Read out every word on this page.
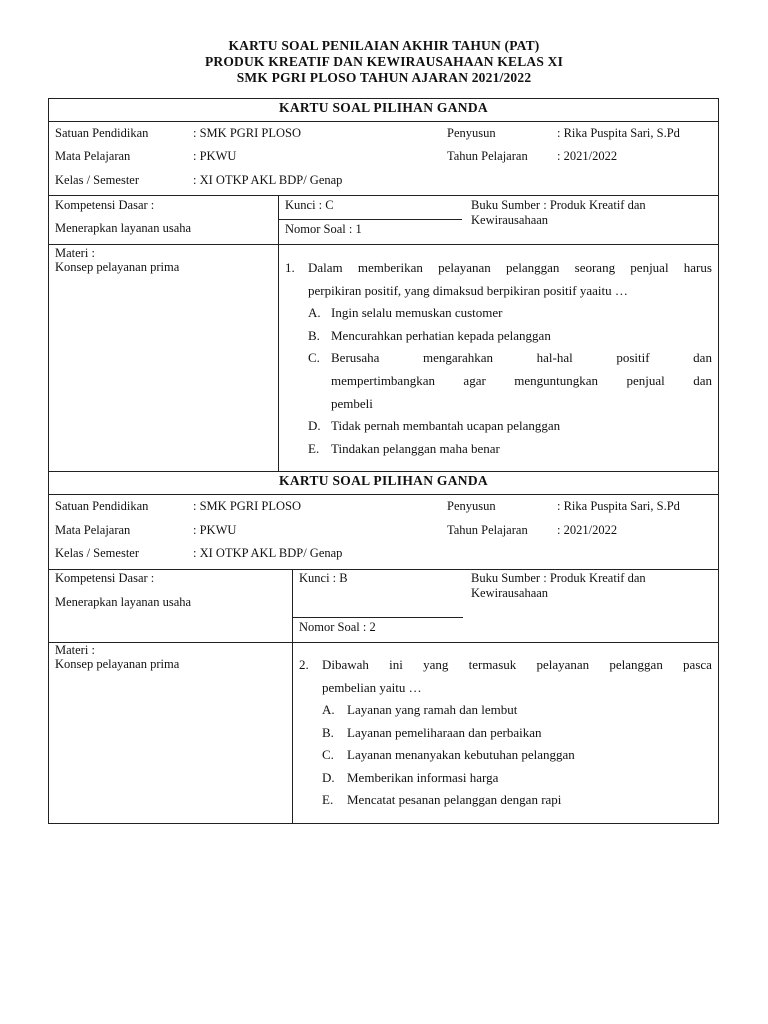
KARTU SOAL PENILAIAN AKHIR TAHUN (PAT)
PRODUK KREATIF DAN KEWIRAUSAHAAN KELAS XI
SMK PGRI PLOSO TAHUN AJARAN 2021/2022
KARTU SOAL PILIHAN GANDA
Satuan Pendidikan	: SMK PGRI PLOSO	Penyusun	: Rika Puspita Sari, S.Pd
Mata Pelajaran	: PKWU	Tahun Pelajaran : 2021/2022
Kelas / Semester	: XI OTKP AKL BDP/ Genap
Kompetensi Dasar :
Menerapkan layanan usaha
Kunci : C	Buku Sumber : Produk Kreatif dan
Kewirausahaan
Nomor Soal : 1
Materi :
Konsep pelayanan prima	1. Dalam memberikan pelayanan pelanggan seorang penjual harus
perpikiran positif, yang dimaksud berpikiran positif yaaitu …
A. Ingin selalu memuskan customer
B. Mencurahkan perhatian kepada pelanggan
C. Berusaha	mengarahkan	hal-hal	positif	dan
mempertimbangkan agar menguntungkan penjual dan
pembeli
D. Tidak pernah membantah ucapan pelanggan
E. Tindakan pelanggan maha benar
KARTU SOAL PILIHAN GANDA
Satuan Pendidikan	: SMK PGRI PLOSO	Penyusun	: Rika Puspita Sari, S.Pd
Mata Pelajaran	: PKWU	Tahun Pelajaran : 2021/2022
Kelas / Semester	: XI OTKP AKL BDP/ Genap
Kompetensi Dasar :
Menerapkan layanan usaha
Kunci : B	Buku Sumber : Produk Kreatif dan
Kewirausahaan
Nomor Soal : 2
Materi :
Konsep pelayanan prima	2. Dibawah ini yang termasuk pelayanan pelanggan pasca
pembelian yaitu …
A. Layanan yang ramah dan lembut
B. Layanan pemeliharaan dan perbaikan
C. Layanan menanyakan kebutuhan pelanggan
D. Memberikan informasi harga
E. Mencatat pesanan pelanggan dengan rapi
